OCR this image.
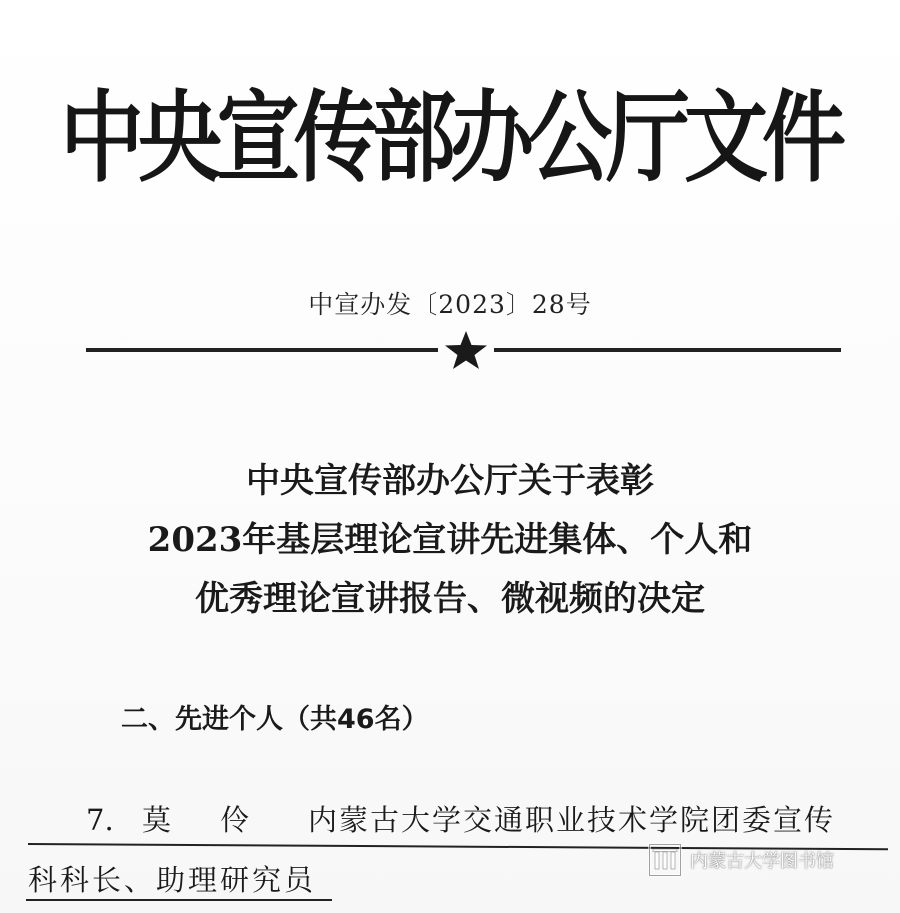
中央宣传部办公厅文件
中宣办发〔2023〕28号
中央宣传部办公厅关于表彰
2023年基层理论宣讲先进集体、个人和
优秀理论宣讲报告、微视频的决定
二、先进个人（共46名）
7. 莫 伶 内蒙古大学交通职业技术学院团委宣传
科科长、助理研究员
内蒙古大学图书馆
